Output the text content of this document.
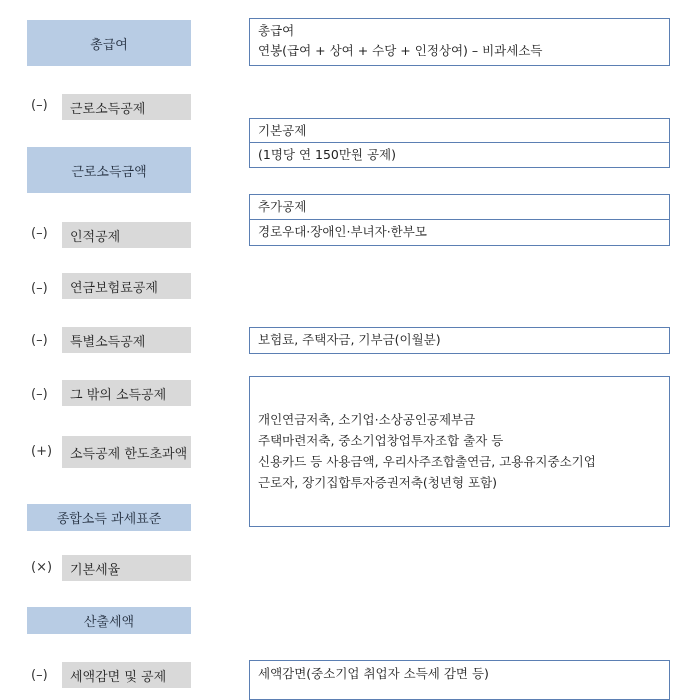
총급여
(–) 근로소득공제
근로소득금액
(–) 인적공제
(–) 연금보험료공제
(–) 특별소득공제
(–) 그 밖의 소득공제
(+) 소득공제 한도초과액
종합소득 과세표준
(×) 기본세율
산출세액
(–) 세액감면 및 공제
총급여
연봉(급여 + 상여 + 수당 + 인정상여) – 비과세소득
기본공제
(1명당 연 150만원 공제)
추가공제
경로우대·장애인·부녀자·한부모
보험료, 주택자금, 기부금(이월분)
개인연금저축, 소기업·소상공인공제부금
주택마련저축, 중소기업창업투자조합 출자 등
신용카드 등 사용금액, 우리사주조합출연금, 고용유지중소기업
근로자, 장기집합투자증권저축(청년형 포함)
세액감면(중소기업 취업자 소득세 감면 등)
